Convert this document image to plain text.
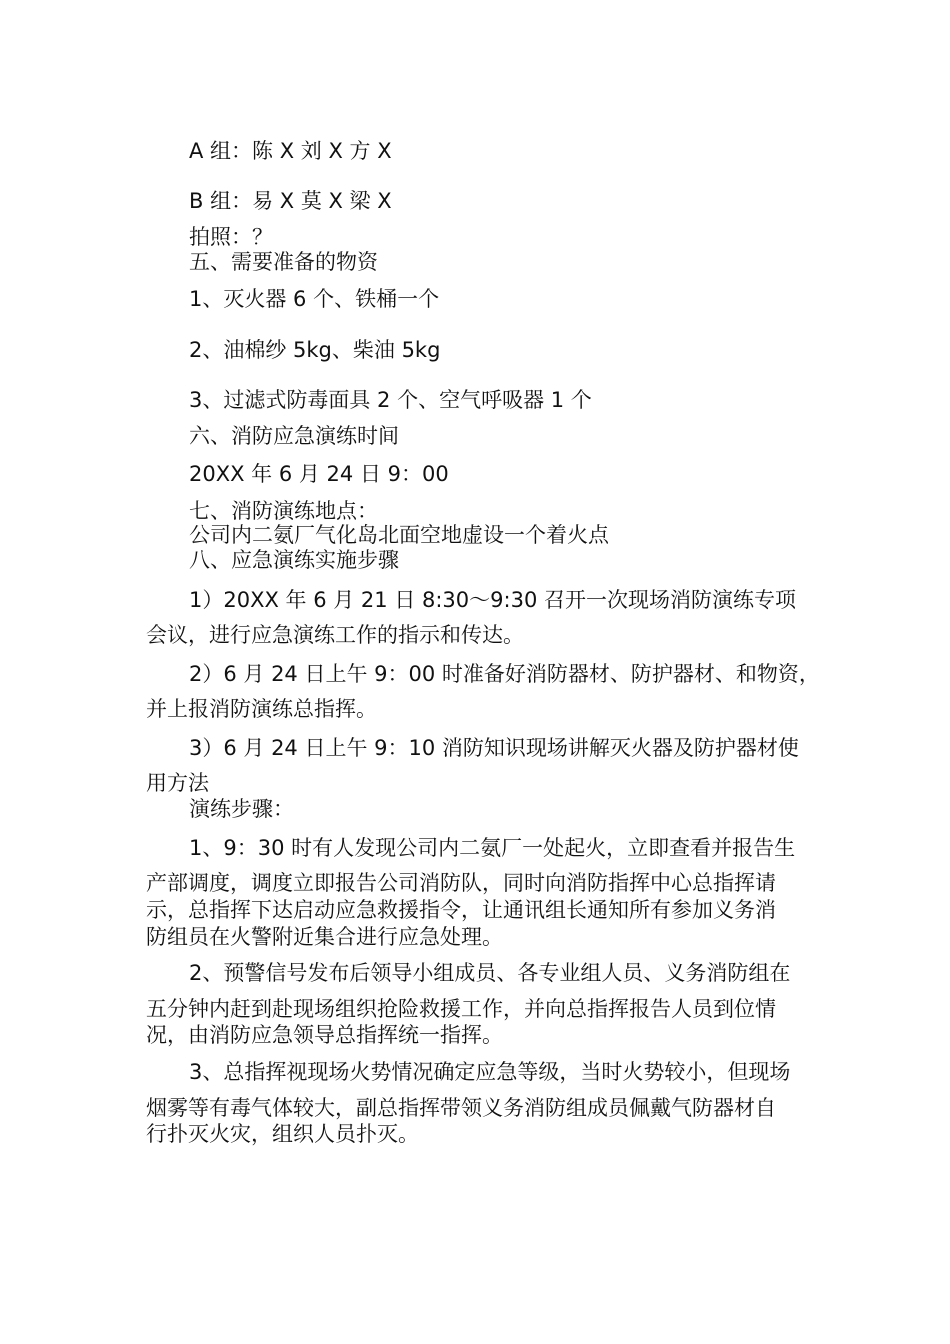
A 组：陈 X 刘 X 方 X
B 组：易 X 莫 X 梁 X
拍照：？
五、需要准备的物资
1、灭火器 6 个、铁桶一个
2、油棉纱 5kg、柴油 5kg
3、过滤式防毒面具 2 个、空气呼吸器 1 个
六、消防应急演练时间
20XX 年 6 月 24 日 9：00
七、消防演练地点：
公司内二氨厂气化岛北面空地虚设一个着火点
八、应急演练实施步骤
1）20XX 年 6 月 21 日 8:30～9:30 召开一次现场消防演练专项
会议，进行应急演练工作的指示和传达。
2）6 月 24 日上午 9：00 时准备好消防器材、防护器材、和物资，
并上报消防演练总指挥。
3）6 月 24 日上午 9：10 消防知识现场讲解灭火器及防护器材使
用方法
演练步骤：
1、9：30 时有人发现公司内二氨厂一处起火，立即查看并报告生
产部调度，调度立即报告公司消防队，同时向消防指挥中心总指挥请
示，总指挥下达启动应急救援指令，让通讯组长通知所有参加义务消
防组员在火警附近集合进行应急处理。
2、预警信号发布后领导小组成员、各专业组人员、义务消防组在
五分钟内赶到赴现场组织抢险救援工作，并向总指挥报告人员到位情
况，由消防应急领导总指挥统一指挥。
3、总指挥视现场火势情况确定应急等级，当时火势较小，但现场
烟雾等有毒气体较大，副总指挥带领义务消防组成员佩戴气防器材自
行扑灭火灾，组织人员扑灭。
